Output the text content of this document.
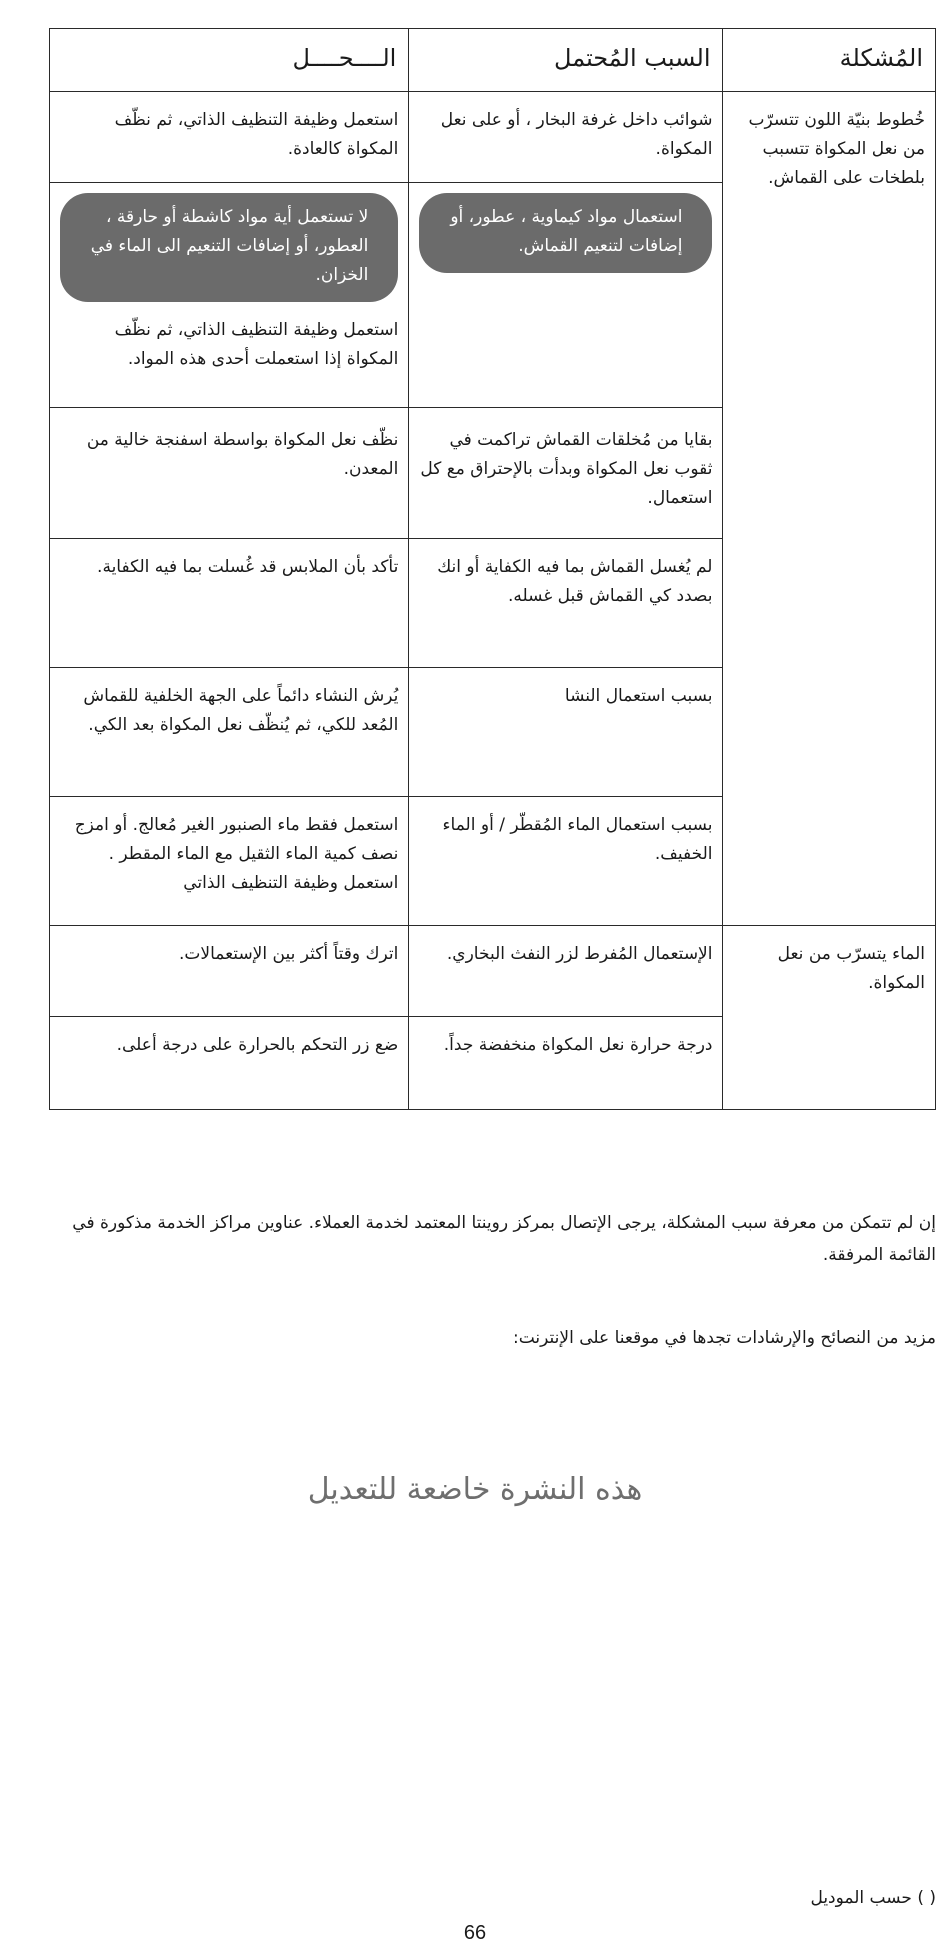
المُشكلة	السبب المُحتمل	الــــحــــل
خُطوط بنيّة اللون تتسرّب من نعل المكواة تتسبب بلطخات على القماش.	شوائب داخل غرفة البخار ، أو على نعل المكواة.	استعمل وظيفة التنظيف الذاتي، ثم نظّف المكواة كالعادة.

	استعمال مواد كيماوية ، عطور، أو إضافات لتنعيم القماش.	لا تستعمل أية مواد كاشطة أو حارقة ، العطور، أو إضافات التنعيم الى الماء في الخزان.
استعمل وظيفة التنظيف الذاتي، ثم نظّف المكواة إذا استعملت أحدى هذه المواد.

	بقايا من مُخلقات القماش تراكمت في ثقوب نعل المكواة وبدأت بالإحتراق مع كل استعمال.	نظّف نعل المكواة بواسطة اسفنجة خالية من المعدن.
	لم يُغسل القماش بما فيه الكفاية أو انك بصدد كي القماش قبل غسله.	تأكد بأن الملابس قد غُسلت بما فيه الكفاية.
	بسبب استعمال النشا	يُرش النشاء دائماً على الجهة الخلفية للقماش المُعد للكي، ثم يُنظّف نعل المكواة بعد الكي.
	بسبب استعمال الماء المُقطّر / أو الماء الخفيف.	استعمل فقط ماء الصنبور الغير مُعالج. أو امزج نصف كمية الماء الثقيل مع الماء المقطر . استعمل وظيفة التنظيف الذاتي
الماء يتسرّب من نعل المكواة.	الإستعمال المُفرط لزر النفث البخاري.	اترك وقتاً أكثر بين الإستعمالات.
	درجة حرارة نعل المكواة منخفضة جداً.	ضع زر التحكم بالحرارة على درجة أعلى.
إن لم تتمكن من معرفة سبب المشكلة، يرجى الإتصال بمركز روينتا المعتمد لخدمة العملاء. عناوين مراكز الخدمة مذكورة في القائمة المرفقة.
مزيد من النصائح والإرشادات تجدها في موقعنا على الإنترنت:
هذه النشرة خاضعة للتعديل
( ) حسب الموديل
66
